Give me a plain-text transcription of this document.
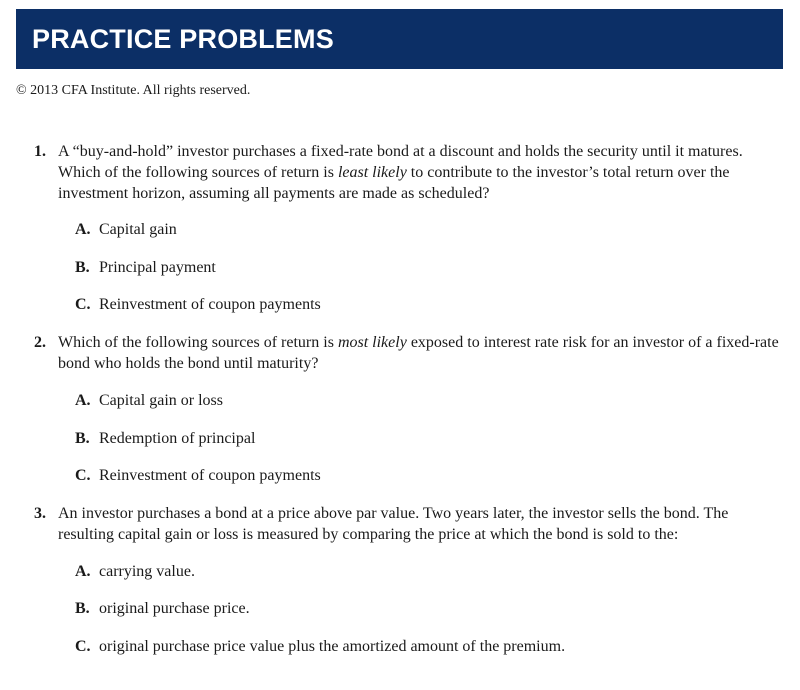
PRACTICE PROBLEMS
© 2013 CFA Institute. All rights reserved.
1. A “buy-and-hold” investor purchases a fixed-rate bond at a discount and holds the security until it matures. Which of the following sources of return is least likely to contribute to the investor’s total return over the investment horizon, assuming all payments are made as scheduled?
A. Capital gain
B. Principal payment
C. Reinvestment of coupon payments
2. Which of the following sources of return is most likely exposed to interest rate risk for an investor of a fixed-rate bond who holds the bond until maturity?
A. Capital gain or loss
B. Redemption of principal
C. Reinvestment of coupon payments
3. An investor purchases a bond at a price above par value. Two years later, the investor sells the bond. The resulting capital gain or loss is measured by comparing the price at which the bond is sold to the:
A. carrying value.
B. original purchase price.
C. original purchase price value plus the amortized amount of the premium.
